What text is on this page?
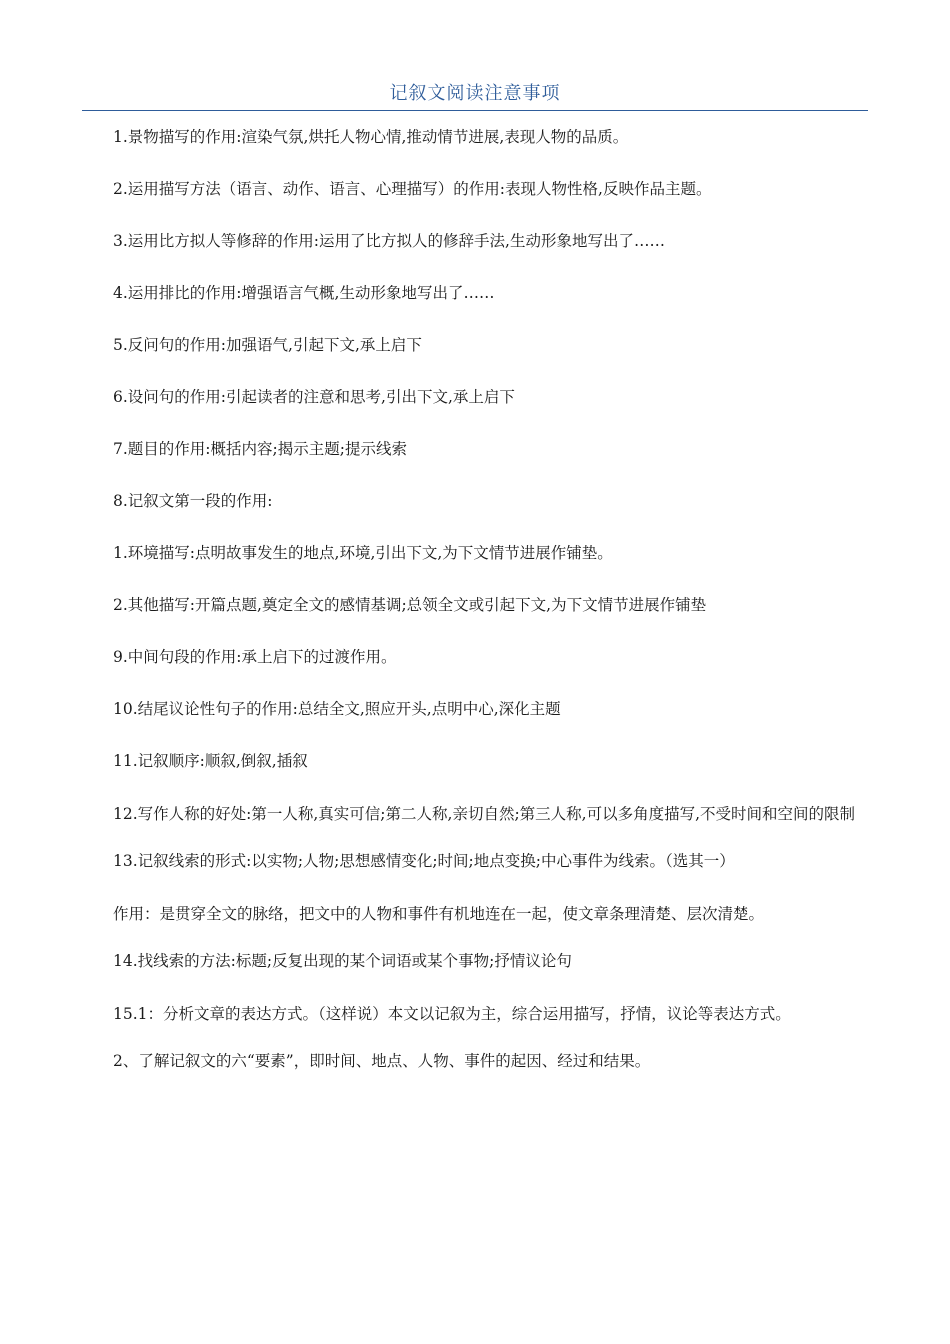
记叙文阅读注意事项

1.景物描写的作用:渲染气氛,烘托人物心情,推动情节进展,表现人物的品质。

2.运用描写方法（语言、动作、语言、心理描写）的作用:表现人物性格,反映作品主题。

3.运用比方拟人等修辞的作用:运用了比方拟人的修辞手法,生动形象地写出了……

4.运用排比的作用:增强语言气概,生动形象地写出了……

5.反问句的作用:加强语气,引起下文,承上启下

6.设问句的作用:引起读者的注意和思考,引出下文,承上启下

7.题目的作用:概括内容;揭示主题;提示线索

8.记叙文第一段的作用:

1.环境描写:点明故事发生的地点,环境,引出下文,为下文情节进展作铺垫。

2.其他描写:开篇点题,奠定全文的感情基调;总领全文或引起下文,为下文情节进展作铺垫

9.中间句段的作用:承上启下的过渡作用。

10.结尾议论性句子的作用:总结全文,照应开头,点明中心,深化主题

11.记叙顺序:顺叙,倒叙,插叙

12.写作人称的好处:第一人称,真实可信;第二人称,亲切自然;第三人称,可以多角度描写,不受时间和空间的限制

13.记叙线索的形式:以实物;人物;思想感情变化;时间;地点变换;中心事件为线索。（选其一）

作用：是贯穿全文的脉络，把文中的人物和事件有机地连在一起，使文章条理清楚、层次清楚。

14.找线索的方法:标题;反复出现的某个词语或某个事物;抒情议论句

15.1：分析文章的表达方式。（这样说）本文以记叙为主，综合运用描写，抒情，议论等表达方式。

2、了解记叙文的六“要素”，即时间、地点、人物、事件的起因、经过和结果。
